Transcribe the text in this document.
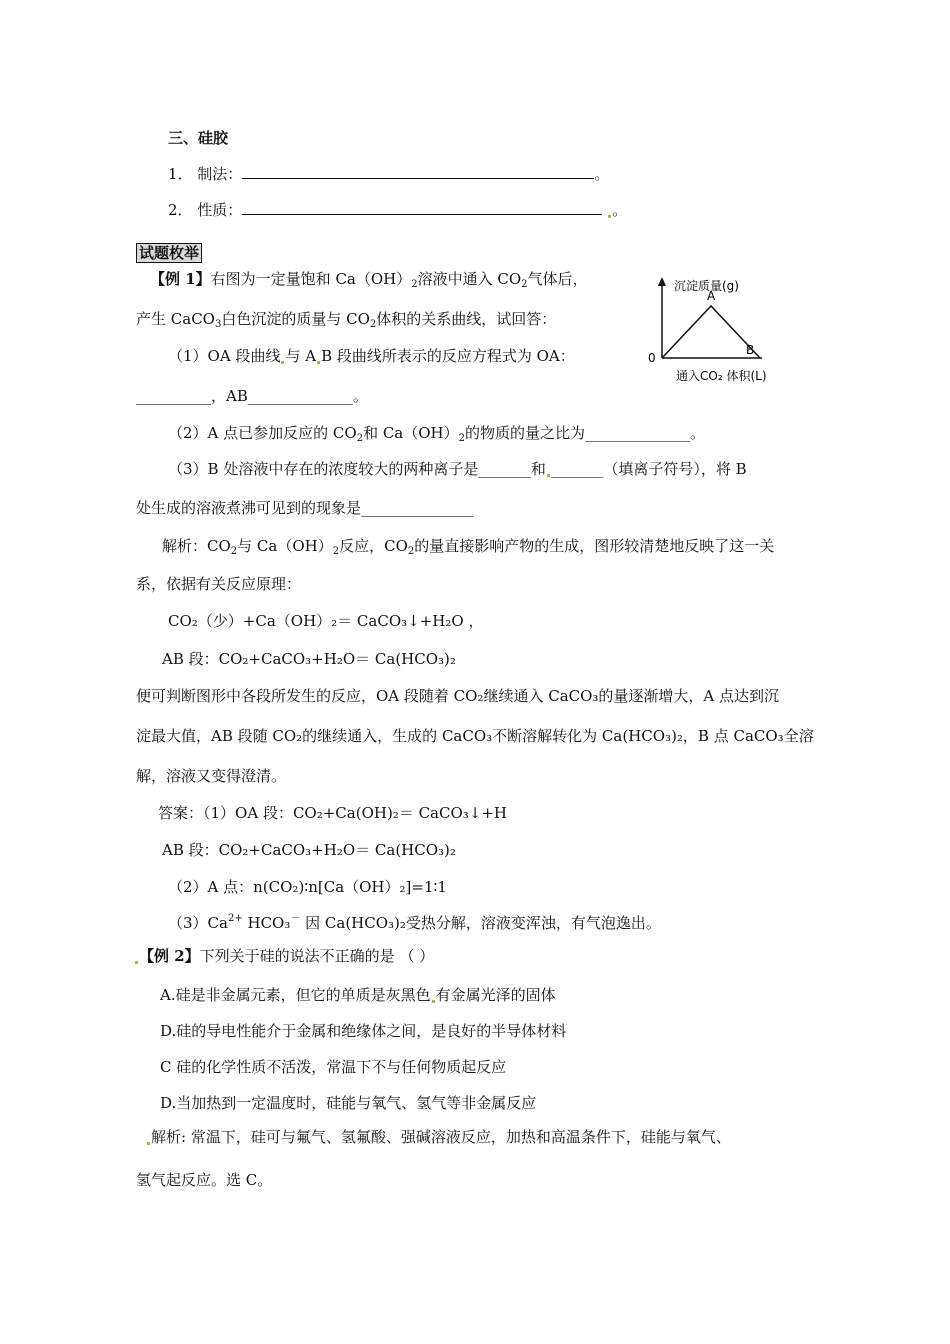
三、硅胶
1． 制法：	。
2． 性质：	。
试题枚举
【例 1】右图为一定量饱和 $Ca(OH)_2$溶液中通入 $CO_2$气体后，
产生 CaCO$_3$白色沉淀的质量与 $CO_2$体积的关系曲线，试回答：
（1）OA 段曲线 与 A B 段曲线所表示的反应方程式为 OA：
__________，AB______________。
（2）A 点已参加反应的 $CO_2$和 $Ca(OH)_2$的物质的量之比为______________。
（3）B 处溶液中存在的浓度较大的两种离子是_______和 _______（填离子符号），将 B
处生成的溶液煮沸可见到的现象是_______________
解析：$CO_2$与 $Ca(OH)_2$反应，$CO_2$的量直接影响产物的生成，图形较清楚地反映了这一关
系，依据有关反应原理：
CO₂（少）+Ca（OH）₂＝ CaCO₃↓+H₂O ，
AB 段：CO₂+CaCO₃+H₂O＝ Ca(HCO₃)₂
便可判断图形中各段所发生的反应，OA 段随着 CO₂继续通入 CaCO₃的量逐渐增大，A 点达到沉
淀最大值，AB 段随 CO₂的继续通入，生成的 CaCO₃不断溶解转化为 Ca(HCO₃)₂，B 点 CaCO₃全溶
解，溶液又变得澄清。
答案：（1）OA 段：CO₂+Ca(OH)₂＝ CaCO₃↓+H
AB 段：CO₂+CaCO₃+H₂O＝ Ca(HCO₃)₂
（2）A 点：n(CO₂)∶n[Ca（OH）₂]=1∶1
$(3)Ca^{2+}$ HCO₃－ 因 Ca(HCO₃)₂受热分解，溶液变浑浊，有气泡逸出。
沉淀质量(g)
0
A
B
通入CO₂ 体积(L)
【例 2】下列关于硅的说法不正确的是 （ ）
A.硅是非金属元素，但它的单质是灰黑色 有金属光泽的固体
D.硅的导电性能介于金属和绝缘体之间，是良好的半导体材料
C 硅的化学性质不活泼，常温下不与任何物质起反应
D.当加热到一定温度时，硅能与氧气、氢气等非金属反应
解析: 常温下，硅可与氟气、氢氟酸、强碱溶液反应，加热和高温条件下，硅能与氧气、
氢气起反应。选 C。
